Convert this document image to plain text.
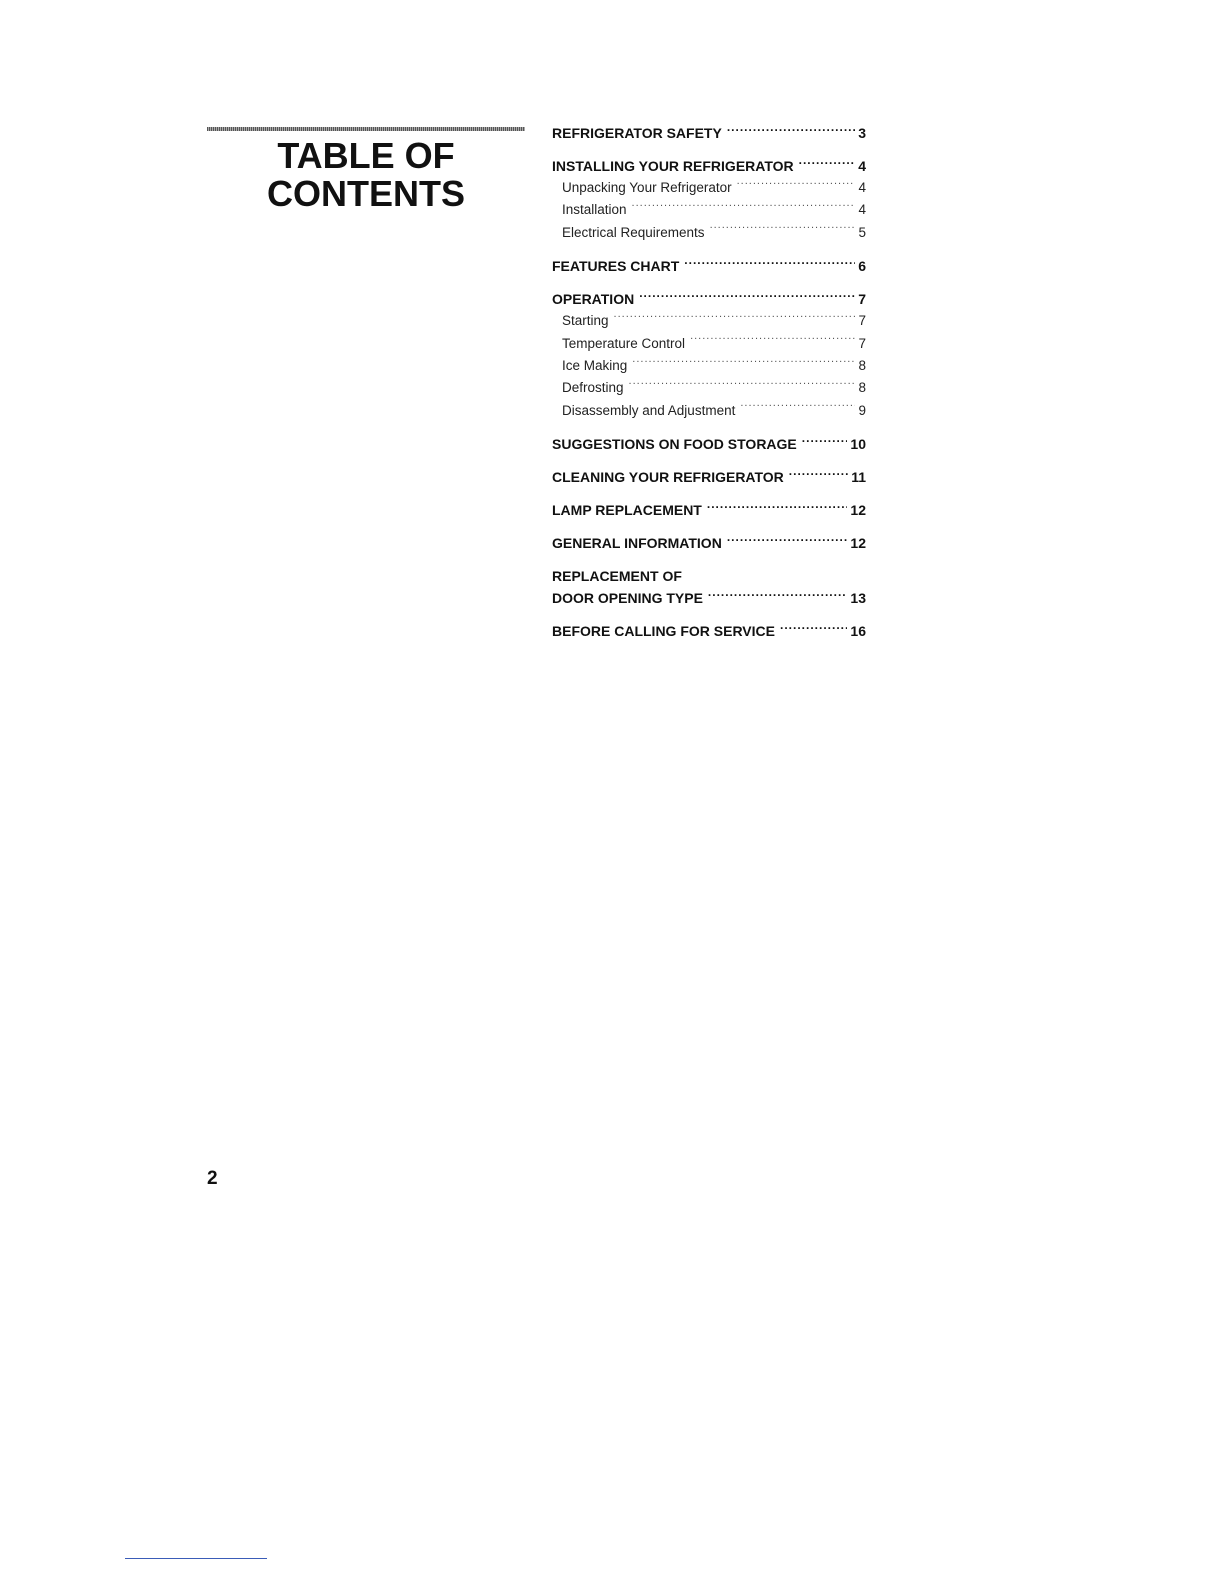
TABLE OF
CONTENTS
REFRIGERATOR SAFETY .....	3
INSTALLING YOUR REFRIGERATOR .....	4
Unpacking Your Refrigerator .....	4
Installation .....	4
Electrical Requirements .....	5
FEATURES CHART .....	6
OPERATION .....	7
Starting .....	7
Temperature Control .....	7
Ice Making .....	8
Defrosting .....	8
Disassembly and Adjustment .....	9
SUGGESTIONS ON FOOD STORAGE .....	10
CLEANING YOUR REFRIGERATOR .....	11
LAMP REPLACEMENT .....	12
GENERAL INFORMATION .....	12
REPLACEMENT OF
DOOR OPENING TYPE .....	13
BEFORE CALLING FOR SERVICE .....	16
2
